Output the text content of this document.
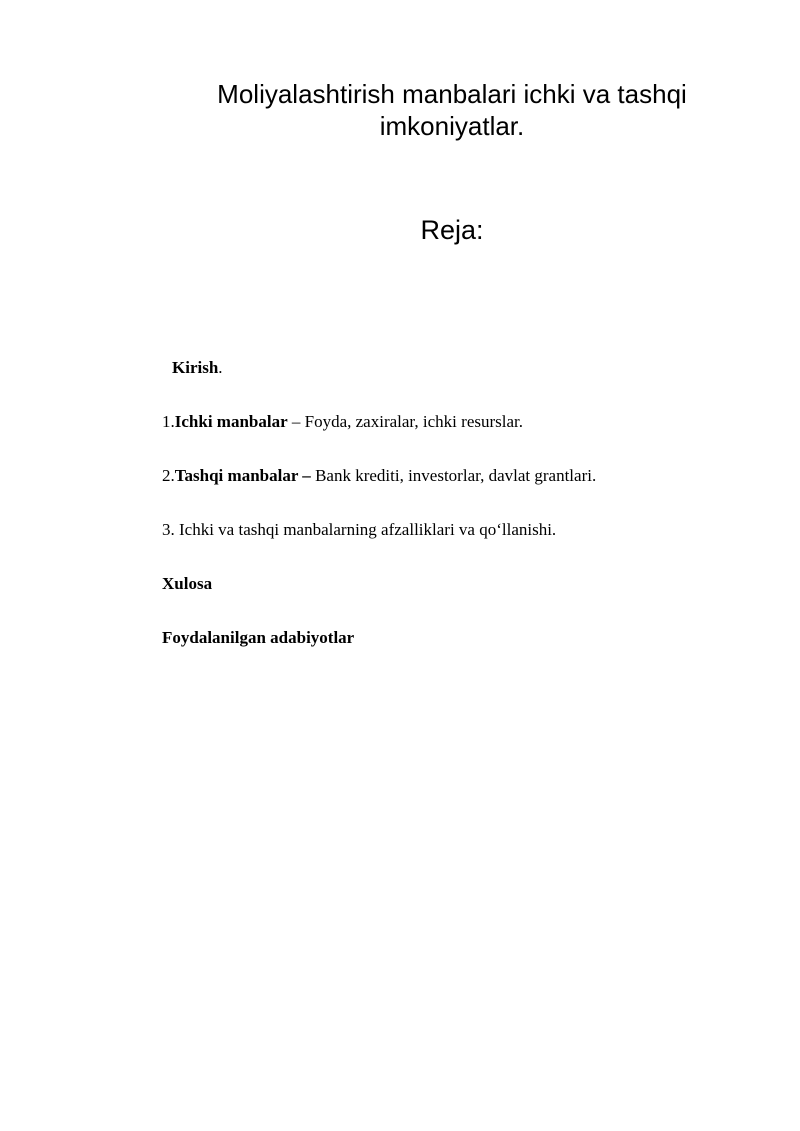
Moliyalashtirish manbalari ichki va tashqi
imkoniyatlar.
Reja:
Kirish.
1.Ichki manbalar – Foyda, zaxiralar, ichki resurslar.
2.Tashqi manbalar – Bank krediti, investorlar, davlat grantlari.
3. Ichki va tashqi manbalarning afzalliklari va qo‘llanishi.
Xulosa
Foydalanilgan adabiyotlar
